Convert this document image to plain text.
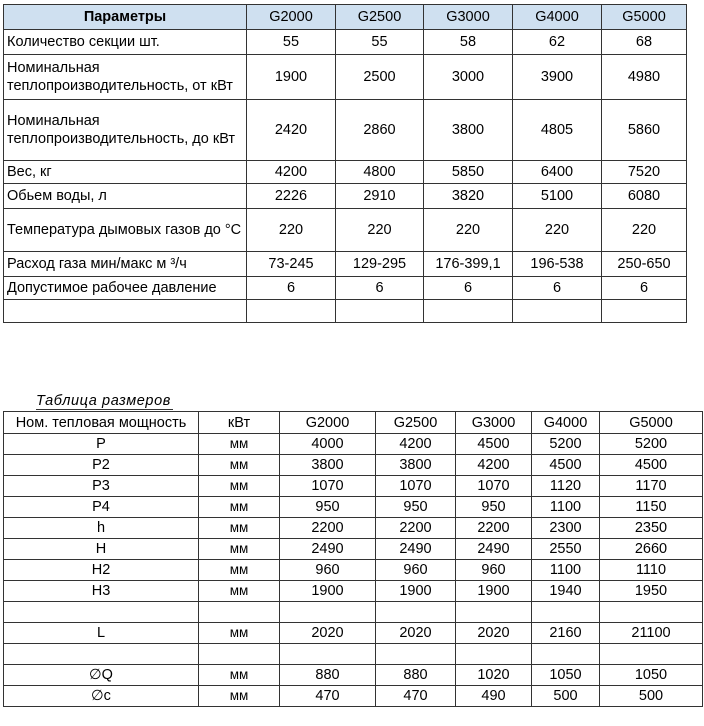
Параметры	G2000	G2500	G3000	G4000	G5000
Количество секции шт.	55	55	58	62	68
Номинальная теплопроизводительность, от кВт	1900	2500	3000	3900	4980
Номинальная теплопроизводительность, до кВт	2420	2860	3800	4805	5860
Вес, кг	4200	4800	5850	6400	7520
Обьем воды, л	2226	2910	3820	5100	6080
Температура дымовых газов до °C	220	220	220	220	220
Расход газа мин/макс м ³/ч	73-245	129-295	176-399,1	196-538	250-650
Допустимое рабочее давление	6	6	6	6	6

Таблица размеров
Ном. тепловая мощность	кВт	G2000	G2500	G3000	G4000	G5000
P	мм	4000	4200	4500	5200	5200
P2	мм	3800	3800	4200	4500	4500
P3	мм	1070	1070	1070	1120	1170
P4	мм	950	950	950	1100	1150
h	мм	2200	2200	2200	2300	2350
H	мм	2490	2490	2490	2550	2660
H2	мм	960	960	960	1100	1110
H3	мм	1900	1900	1900	1940	1950

L	мм	2020	2020	2020	2160	21100

∅Q	мм	880	880	1020	1050	1050
∅c	мм	470	470	490	500	500
